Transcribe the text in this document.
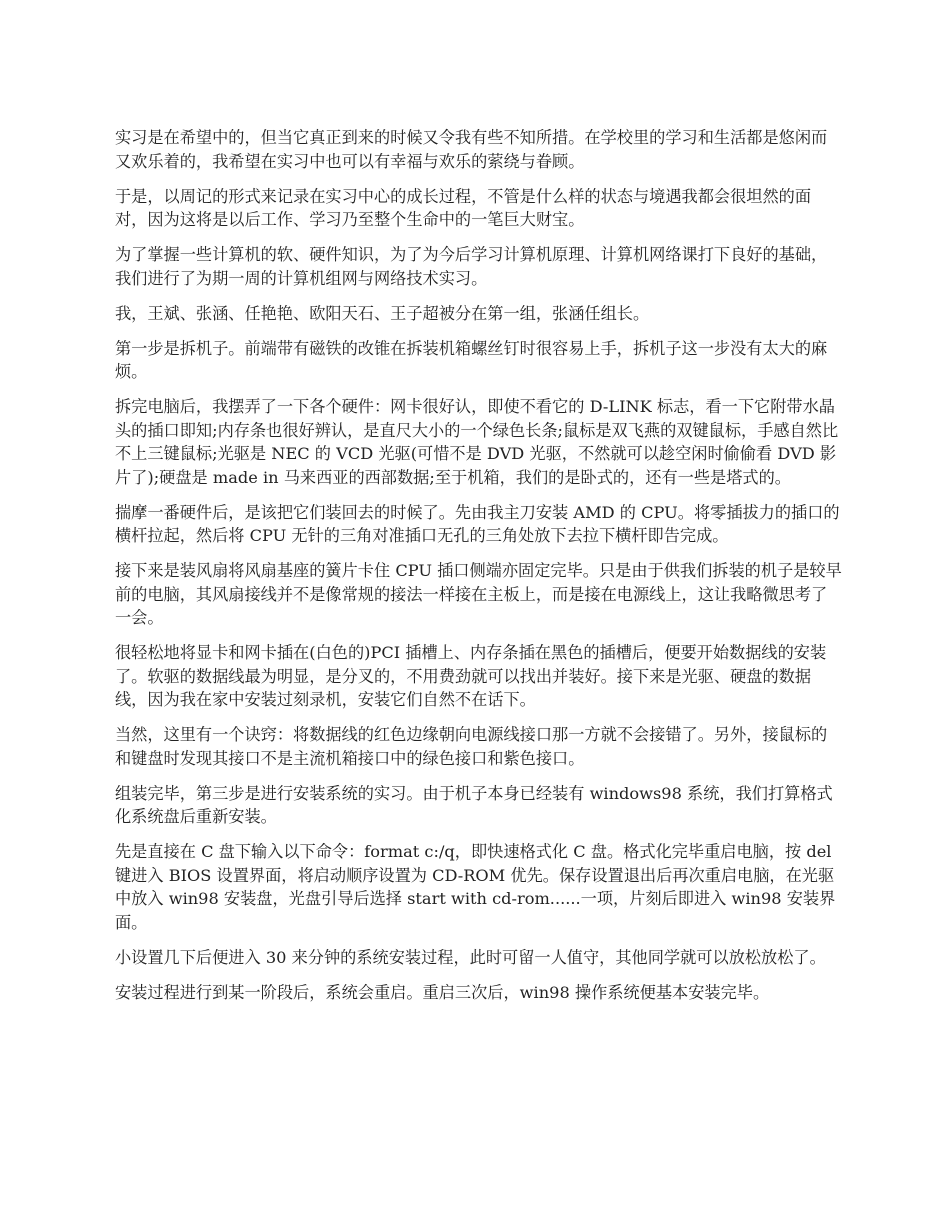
实习是在希望中的，但当它真正到来的时候又令我有些不知所措。在学校里的学习和生活都是悠闲而又欢乐着的，我希望在实习中也可以有幸福与欢乐的萦绕与眷顾。

于是，以周记的形式来记录在实习中心的成长过程，不管是什么样的状态与境遇我都会很坦然的面对，因为这将是以后工作、学习乃至整个生命中的一笔巨大财宝。

为了掌握一些计算机的软、硬件知识，为了为今后学习计算机原理、计算机网络课打下良好的基础，我们进行了为期一周的计算机组网与网络技术实习。

我，王斌、张涵、任艳艳、欧阳天石、王子超被分在第一组，张涵任组长。

第一步是拆机子。前端带有磁铁的改锥在拆装机箱螺丝钉时很容易上手，拆机子这一步没有太大的麻烦。

拆完电脑后，我摆弄了一下各个硬件：网卡很好认，即使不看它的 D-LINK 标志，看一下它附带水晶头的插口即知;内存条也很好辨认，是直尺大小的一个绿色长条;鼠标是双飞燕的双键鼠标，手感自然比不上三键鼠标;光驱是 NEC 的 VCD 光驱(可惜不是 DVD 光驱，不然就可以趁空闲时偷偷看 DVD 影片了);硬盘是 made in 马来西亚的西部数据;至于机箱，我们的是卧式的，还有一些是塔式的。

揣摩一番硬件后，是该把它们装回去的时候了。先由我主刀安装 AMD 的 CPU。将零插拔力的插口的横杆拉起，然后将 CPU 无针的三角对准插口无孔的三角处放下去拉下横杆即告完成。

接下来是装风扇将风扇基座的簧片卡住 CPU 插口侧端亦固定完毕。只是由于供我们拆装的机子是较早前的电脑，其风扇接线并不是像常规的接法一样接在主板上，而是接在电源线上，这让我略微思考了一会。

很轻松地将显卡和网卡插在(白色的)PCI 插槽上、内存条插在黑色的插槽后，便要开始数据线的安装了。软驱的数据线最为明显，是分叉的，不用费劲就可以找出并装好。接下来是光驱、硬盘的数据线，因为我在家中安装过刻录机，安装它们自然不在话下。

当然，这里有一个诀窍：将数据线的红色边缘朝向电源线接口那一方就不会接错了。另外，接鼠标的和键盘时发现其接口不是主流机箱接口中的绿色接口和紫色接口。

组装完毕，第三步是进行安装系统的实习。由于机子本身已经装有 windows98 系统，我们打算格式化系统盘后重新安装。

先是直接在 C 盘下输入以下命令：format c:/q，即快速格式化 C 盘。格式化完毕重启电脑，按 del 键进入 BIOS 设置界面，将启动顺序设置为 CD-ROM 优先。保存设置退出后再次重启电脑，在光驱中放入 win98 安装盘，光盘引导后选择 start with cd-rom......一项，片刻后即进入 win98 安装界面。

小设置几下后便进入 30 来分钟的系统安装过程，此时可留一人值守，其他同学就可以放松放松了。

安装过程进行到某一阶段后，系统会重启。重启三次后，win98 操作系统便基本安装完毕。
